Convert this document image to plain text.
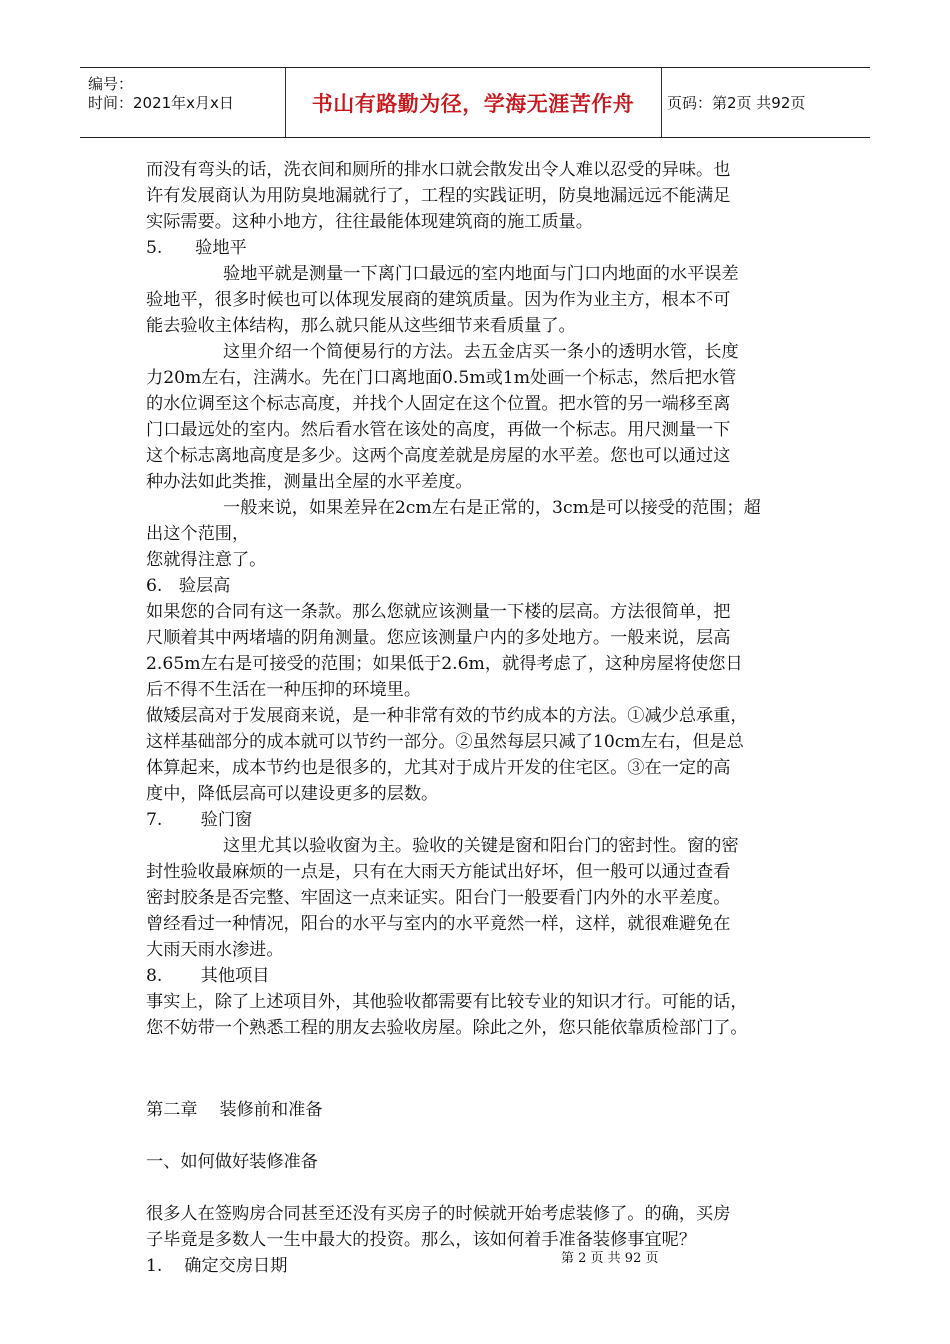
编号：
时间：2021年x月x日	书山有路勤为径，学海无涯苦作舟 页码：第2页 共92页
而没有弯头的话，洗衣间和厕所的排水口就会散发出令人难以忍受的异味。也
许有发展商认为用防臭地漏就行了，工程的实践证明，防臭地漏远远不能满足
实际需要。这种小地方，往往最能体现建筑商的施工质量。
5.      验地平
验地平就是测量一下离门口最远的室内地面与门口内地面的水平误差
验地平，很多时候也可以体现发展商的建筑质量。因为作为业主方，根本不可
能去验收主体结构，那么就只能从这些细节来看质量了。
这里介绍一个简便易行的方法。去五金店买一条小的透明水管，长度
力20m左右，注满水。先在门口离地面0.5m或1m处画一个标志，然后把水管
的水位调至这个标志高度，并找个人固定在这个位置。把水管的另一端移至离
门口最远处的室内。然后看水管在该处的高度，再做一个标志。用尺测量一下
这个标志离地高度是多少。这两个高度差就是房屋的水平差。您也可以通过这
种办法如此类推，测量出全屋的水平差度。
一般来说，如果差异在2cm左右是正常的，3cm是可以接受的范围；超
出这个范围，
您就得注意了。
6.   验层高
如果您的合同有这一条款。那么您就应该测量一下楼的层高。方法很简单，把
尺顺着其中两堵墙的阴角测量。您应该测量户内的多处地方。一般来说，层高
2.65m左右是可接受的范围；如果低于2.6m，就得考虑了，这种房屋将使您日
后不得不生活在一种压抑的环境里。
做矮层高对于发展商来说，是一种非常有效的节约成本的方法。①减少总承重，
这样基础部分的成本就可以节约一部分。②虽然每层只减了10cm左右，但是总
体算起来，成本节约也是很多的，尤其对于成片开发的住宅区。③在一定的高
度中，降低层高可以建设更多的层数。
7.       验门窗
这里尤其以验收窗为主。验收的关键是窗和阳台门的密封性。窗的密
封性验收最麻烦的一点是，只有在大雨天方能试出好坏，但一般可以通过查看
密封胶条是否完整、牢固这一点来证实。阳台门一般要看门内外的水平差度。
曾经看过一种情况，阳台的水平与室内的水平竟然一样，这样，就很难避免在
大雨天雨水渗进。
8.       其他项目
事实上，除了上述项目外，其他验收都需要有比较专业的知识才行。可能的话，
您不妨带一个熟悉工程的朋友去验收房屋。除此之外，您只能依靠质检部门了。
第二章    装修前和准备
一、如何做好装修准备
很多人在签购房合同甚至还没有买房子的时候就开始考虑装修了。的确，买房
子毕竟是多数人一生中最大的投资。那么，该如何着手准备装修事宜呢？
1.    确定交房日期	第 2 页 共 92 页
